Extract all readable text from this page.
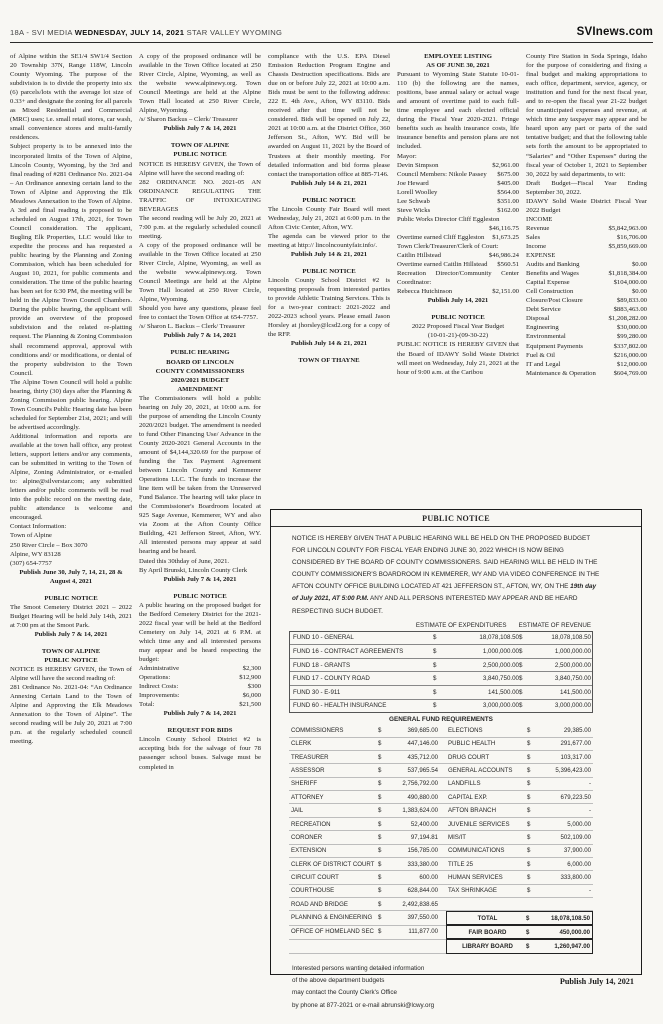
18A - SVI MEDIA WEDNESDAY, JULY 14, 2021 STAR VALLEY WYOMING	SVInews.com
of Alpine within the SE1/4 SW1/4 Section 20 Township 37N, Range 118W, Lincoln County Wyoming. The purpose of the subdivision is to divide the property into six (6) parcels/lots with the average lot size of 0.33+ and designate the zoning for all parcels as Mixed Residential and Commercial (MRC) uses; i.e. small retail stores, car wash, small convenience stores and multi-family residences.
Subject property is to be annexed into the incorporated limits of the Town of Alpine, Lincoln County, Wyoming, by the 3rd and final reading of #281 Ordinance No. 2021-04 – An Ordinance annexing certain land to the Town of Alpine and Approving the Elk Meadows Annexation to the Town of Alpine. A 3rd and final reading is proposed to be scheduled on August 17th, 2021, for Town Council consideration. The applicant, Bugling Elk Properties, LLC would like to expedite the process and has requested a public hearing by the Planning and Zoning Commission, which has been scheduled for August 10, 2021, for public comments and consideration. The time of the public hearing has been set for 6:30 PM, the meeting will be held in the Alpine Town Council Chambers. During the public hearing, the applicant will provide an overview of the proposed subdivision and the related re-platting request. The Planning & Zoning Commission shall recommend approval, approval with conditions and/ or modifications, or denial of the property subdivision to the Town Council.
The Alpine Town Council will hold a public hearing, thirty (30) days after the Planning & Zoning Commission public hearing. Alpine Town Council's Public Hearing date has been scheduled for September 21st, 2021; and will be advertised accordingly.
Additional information and reports are available at the town hall office, any protest letters, support letters and/or any comments, can be submitted in writing to the Town of Alpine, Zoning Administrator, or e-mailed to: alpine@silverstar.com; any submitted letters and/or public comments will be read into the public record on the meeting date, public attendance is welcome and encouraged.
Contact Information:
Town of Alpine
250 River Circle – Box 3070
Alpine, WY 83128
(307) 654-7757
Publish June 30, July 7, 14, 21, 28 & August 4, 2021
PUBLIC NOTICE
The Smoot Cemetery District 2021 – 2022 Budget Hearing will be held July 14th, 2021 at 7:00 pm at the Smoot Park.
Publish July 7 & 14, 2021
TOWN OF ALPINE
PUBLIC NOTICE
NOTICE IS HEREBY GIVEN, the Town of Alpine will have the second reading of:
281 Ordinance No. 2021-04: “An Ordinance Annexing Certain Land to the Town of Alpine and Approving the Elk Meadows Annexation to the Town of Alpine”. The second reading will be July 20, 2021 at 7:00 p.m. at the regularly scheduled council meeting.
A copy of the proposed ordinance will be available in the Town Office located at 250 River Circle, Alpine, Wyoming, as well as the website www.alpinewy.org. Town Council Meetings are held at the Alpine Town Hall located at 250 River Circle, Alpine, Wyoming.
/s/ Sharon Backus – Clerk/ Treasurer
Publish July 7 & 14, 2021
TOWN OF ALPINE
PUBLIC NOTICE
NOTICE IS HEREBY GIVEN, the Town of Alpine will have the second reading of:
282 ORDINANCE NO. 2021-05 AN ORDINANCE REGULATING THE TRAFFIC OF INTOXICATING BEVERAGES
The second reading will be July 20, 2021 at 7:00 p.m. at the regularly scheduled council meeting.
A copy of the proposed ordinance will be available in the Town Office located at 250 River Circle, Alpine, Wyoming, as well as the website www.alpinewy.org. Town Council Meetings are held at the Alpine Town Hall located at 250 River Circle, Alpine, Wyoming.
Should you have any questions, please feel free to contact the Town Office at 654-7757.
/s/ Sharon L. Backus – Clerk/ Treasurer
Publish July 7 & 14, 2021
PUBLIC HEARING
BOARD OF LINCOLN
COUNTY COMMISSIONERS
2020/2021 BUDGET
AMENDMENT
The Commissioners will hold a public hearing on July 20, 2021, at 10:00 a.m. for the purpose of amending the Lincoln County 2020/2021 budget. The amendment is needed to fund Other Financing Use/ Advance in the County 2020-2021 General Accounts in the amount of $4,144,320.69 for the purpose of funding the Tax Payment Agreement between Lincoln County and Kemmerer Operations LLC. The funds to increase the line item will be taken from the Unreserved Fund Balance. The hearing will take place in the Commissioner's Boardroom located at 925 Sage Avenue, Kemmerer, WY and also via Zoom at the Afton County Office Building, 421 Jefferson Street, Afton, WY. All interested persons may appear at said hearing and be heard.
Dated this 30thday of June, 2021.
By April Brunski, Lincoln County Clerk
Publish July 7 & 14, 2021
PUBLIC NOTICE
A public hearing on the proposed budget for the Bedford Cemetery District for the 2021-2022 fiscal year will be held at the Bedford Cemetery on July 14, 2021 at 6 P.M. at which time any and all interested persons may appear and be heard respecting the budget:
Administrative	$2,300
Operations:	$12,900
Indirect Costs:	$300
Improvements:	$6,000
Total:	$21,500
Publish July 7 & 14, 2021
REQUEST FOR BIDS
Lincoln County School District #2 is accepting bids for the salvage of four 78 passenger school buses. Salvage must be completed in
compliance with the U.S. EPA Diesel Emission Reduction Program Engine and Chassis Destruction specifications. Bids are due on or before July 22, 2021 at 10:00 a.m. Bids must be sent to the following address: 222 E. 4th Ave., Afton, WY 83110. Bids received after that time will not be considered. Bids will be opened on July 22, 2021 at 10:00 a.m. at the District Office, 360 Jefferson St., Afton, WY. Bid will be awarded on August 11, 2021 by the Board of Trustees at their monthly meeting. For detailed information and bid forms please contact the transportation office at 885-7146.
Publish July 14 & 21, 2021
PUBLIC NOTICE
The Lincoln County Fair Board will meet Wednesday, July 21, 2021 at 6:00 p.m. in the Afton Civic Center, Afton, WY.
The agenda can be viewed prior to the meeting at http:// lincolncountyfair.info/.
Publish July 14 & 21, 2021
PUBLIC NOTICE
Lincoln County School District #2 is requesting proposals from interested parties to provide Athletic Training Services. This is for a two-year contract: 2021-2022 and 2022-2023 school years. Please email Jason Horsley at jhorsley@lcsd2.org for a copy of the RFP.
Publish July 14 & 21, 2021
TOWN OF THAYNE
EMPLOYEE LISTING
AS OF JUNE 30, 2021
Pursuant to Wyoming State Statute 10-01-110 (b) the following are the names, positions, base annual salary or actual wage and amount of overtime paid to each full-time employee and each elected official during the Fiscal Year 2020-2021. Fringe benefits such as health insurance costs, life insurance benefits and pension plans are not included.
Mayor:
Devin Simpson	$2,961.00
Council Members: Nikole Passey $675.00
Joe Heward	$405.00
Lorell Woolley	$564.00
Lee Schwab	$351.00
Steve Wicks	$162.00
Public Works Director Cliff Eggleston
$46,116.75
Overtime earned Cliff Eggleston $1,673.25
Town Clerk/Treasurer/Clerk of Court:
Caitlin Hillstead	$46,986.24
Overtime earned Caitlin Hillstead $560.51
Recreation Director/Community Center Coordinator:
Rebecca Hutchinson	$2,151.00
Publish July 14, 2021
PUBLIC NOTICE
2022 Proposed Fiscal Year Budget
(10-01-21)-(09-30-22)
PUBLIC NOTICE IS HEREBY GIVEN that the Board of IDAWY Solid Waste District will meet on Wednesday, July 21, 2021 at the hour of 9:00 a.m. at the Caribou
County Fire Station in Soda Springs, Idaho for the purpose of considering and fixing a final budget and making appropriations to each office, department, service, agency, or institution and fund for the next fiscal year, and to re-open the fiscal year 21-22 budget for unanticipated expenses and revenue, at which time any taxpayer may appear and be heard upon any part or parts of the said tentative budget; and that the following table sets forth the amount to be appropriated to “Salaries” and “Other Expenses” during the fiscal year of October 1, 2021 to September 30, 2022 by said departments, to wit:
Draft Budget—Fiscal Year Ending September 30, 2022.
IDAWY Solid Waste District Fiscal Year 2022 Budget
INCOME
Revenue	$5,842,963.00
Sales	$16,706.00
Income	$5,859,669.00
EXPENSE
Audits and Banking	$0.00
Benefits and Wages	$1,818,384.00
Capital Expense	$104,000.00
Cell Construction	$0.00
Closure/Post Closure	$89,833.00
Debt Service	$883,463.00
Disposal	$1,208,282.00
Engineering	$30,000.00
Environmental	$99,280.00
Equipment Payments	$337,802.00
Fuel & Oil	$216,000.00
IT and Legal	$12,000.00
Maintenance & Operation	$604,769.00
PUBLIC NOTICE
NOTICE IS HEREBY GIVEN THAT A PUBLIC HEARING WILL BE HELD ON THE PROPOSED BUDGET FOR LINCOLN COUNTY FOR FISCAL YEAR ENDING JUNE 30, 2022 WHICH IS NOW BEING CONSIDERED BY THE BOARD OF COUNTY COMMISSIONERS. SAID HEARING WILL BE HELD IN THE COUNTY COMMISSIONER'S BOARDROOM IN KEMMERER, WY AND VIA VIDEO CONFERENCE IN THE AFTON COUNTY OFFICE BUILDING LOCATED AT 421 JEFFERSON ST., AFTON, WY, ON THE 19th day of July 2021, AT 5:00 P.M. ANY AND ALL PERSONS INTERESTED MAY APPEAR AND BE HEARD RESPECTING SUCH BUDGET.
ESTIMATE OF EXPENDITURES ESTIMATE OF REVENUE
FUND 10 - GENERAL	$	18,078,108.50 $	18,078,108.50
FUND 16 - CONTRACT AGREEMENTS	$	1,000,000.00 $	1,000,000.00
FUND 18 - GRANTS	$	2,500,000.00 $	2,500,000.00
FUND 17 - COUNTY ROAD	$	3,840,750.00 $	3,840,750.00
FUND 30 - E-911	$	141,500.00 $	141,500.00
FUND 60 - HEALTH INSURANCE	$	3,000,000.00 $	3,000,000.00
GENERAL FUND REQUIREMENTS
COMMISSIONERS	$	369,685.00 ELECTIONS	$	29,385.00
CLERK	$	447,146.00 PUBLIC HEALTH	$	291,677.00
TREASURER	$	435,712.00 DRUG COURT	$	103,317.00
ASSESSOR	$	537,965.54 GENERAL ACCOUNTS	$	5,396,423.00
SHERIFF	$	2,756,792.00 LANDFILLS	$	-
ATTORNEY	$	490,880.00 CAPITAL EXP.	$	679,223.50
JAIL	$	1,383,624.00 AFTON BRANCH	$	-
RECREATION	$	52,400.00 JUVENILE SERVICES	$	5,000.00
CORONER	$	97,194.81 MIS/IT	$	502,109.00
EXTENSION	$	156,785.00 COMMUNICATIONS	$	37,900.00
CLERK OF DISTRICT COURT $	333,380.00 TITLE 25	$	6,000.00
CIRCUIT COURT	$	600.00 HUMAN SERVICES	$	333,800.00
COURTHOUSE	$	628,844.00 TAX SHRINKAGE	$	-
ROAD AND BRIDGE	$	2,492,838.65
PLANNING & ENGINEERING $	397,550.00	TOTAL	$	18,078,108.50
OFFICE OF HOMELAND SEC $	111,877.00	FAIR BOARD	$	450,000.00
LIBRARY BOARD	$	1,260,947.00
Interested persons wanting detailed information
of the above department budgets
may contact the County Clerk's Office
by phone at 877-2021 or e-mail abrunski@lcwy.org
Publish July 14, 2021
